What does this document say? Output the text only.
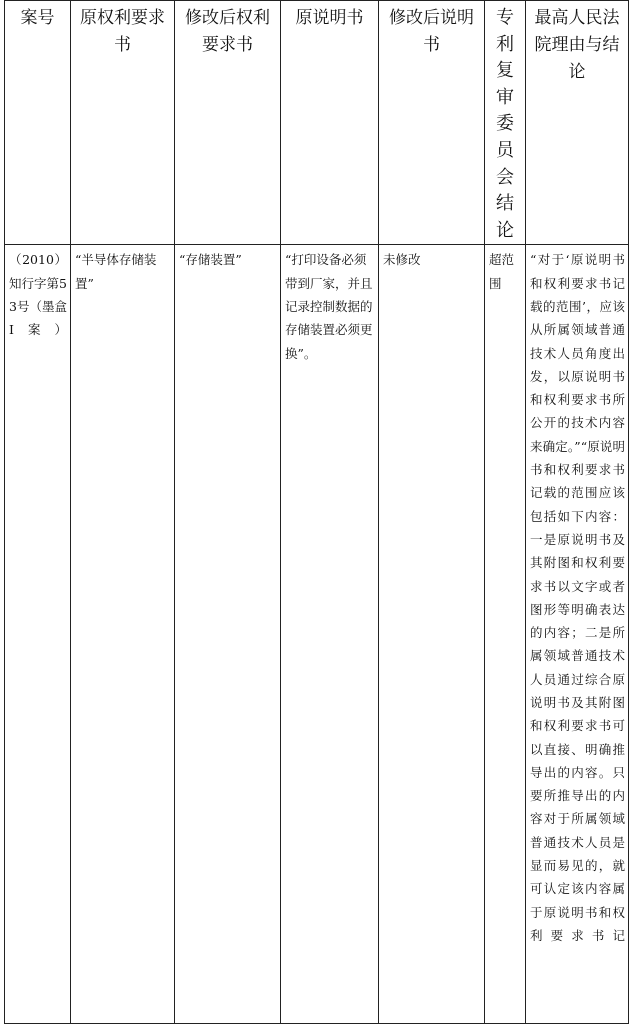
案号	原权利要求书	修改后权利要求书	原说明书	修改后说明书	专利复审委员会结论	最高人民法院理由与结论

（2010）知行字第53号（墨盒I案）	“半导体存储装置”	“存储装置”	“打印设备必须带到厂家，并且记录控制数据的存储装置必须更换”。	未修改	超范围	“对于‘原说明书和权利要求书记载的范围’，应该从所属领域普通技术人员角度出发，以原说明书和权利要求书所公开的技术内容来确定。”“原说明书和权利要求书记载的范围应该包括如下内容：一是原说明书及其附图和权利要求书以文字或者图形等明确表达的内容；二是所属领域普通技术人员通过综合原说明书及其附图和权利要求书可以直接、明确推导出的内容。只要所推导出的内容对于所属领域普通技术人员是显而易见的，就可认定该内容属于原说明书和权利要求书记
